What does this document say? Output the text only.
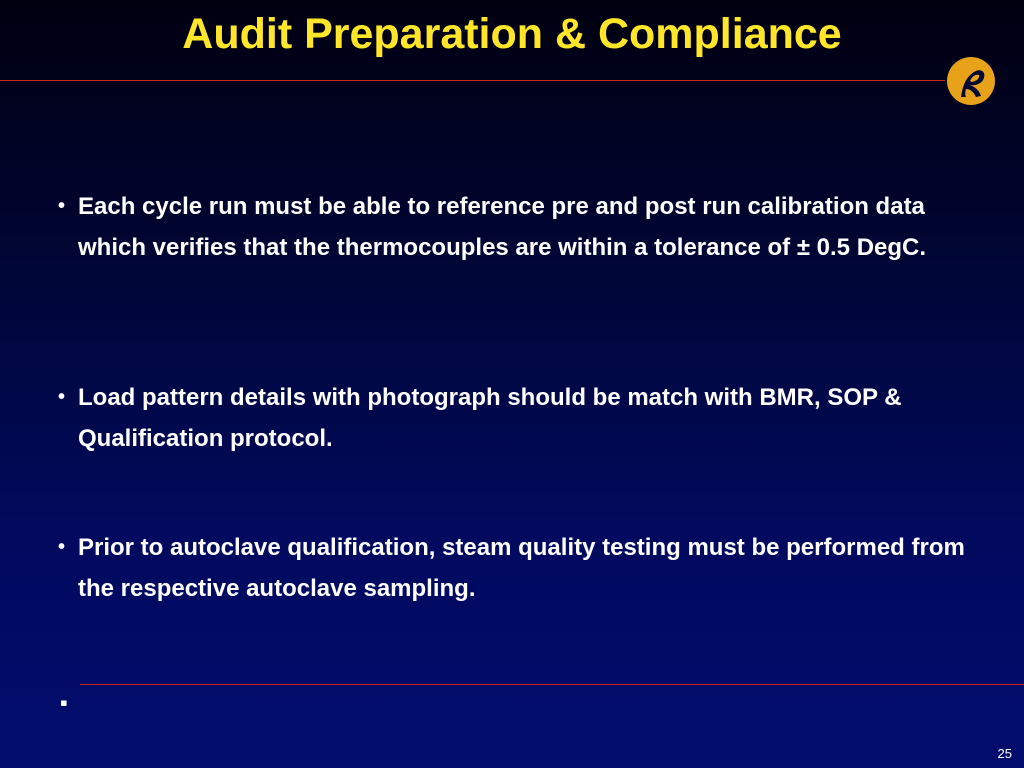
Audit Preparation & Compliance
• Each cycle run must be able to reference pre and post run calibration data which verifies that the thermocouples are within a tolerance of ± 0.5 DegC.
• Load pattern details with photograph should be match with BMR, SOP & Qualification protocol.
• Prior to autoclave qualification, steam quality testing must be performed from the respective autoclave sampling.
▪
25
